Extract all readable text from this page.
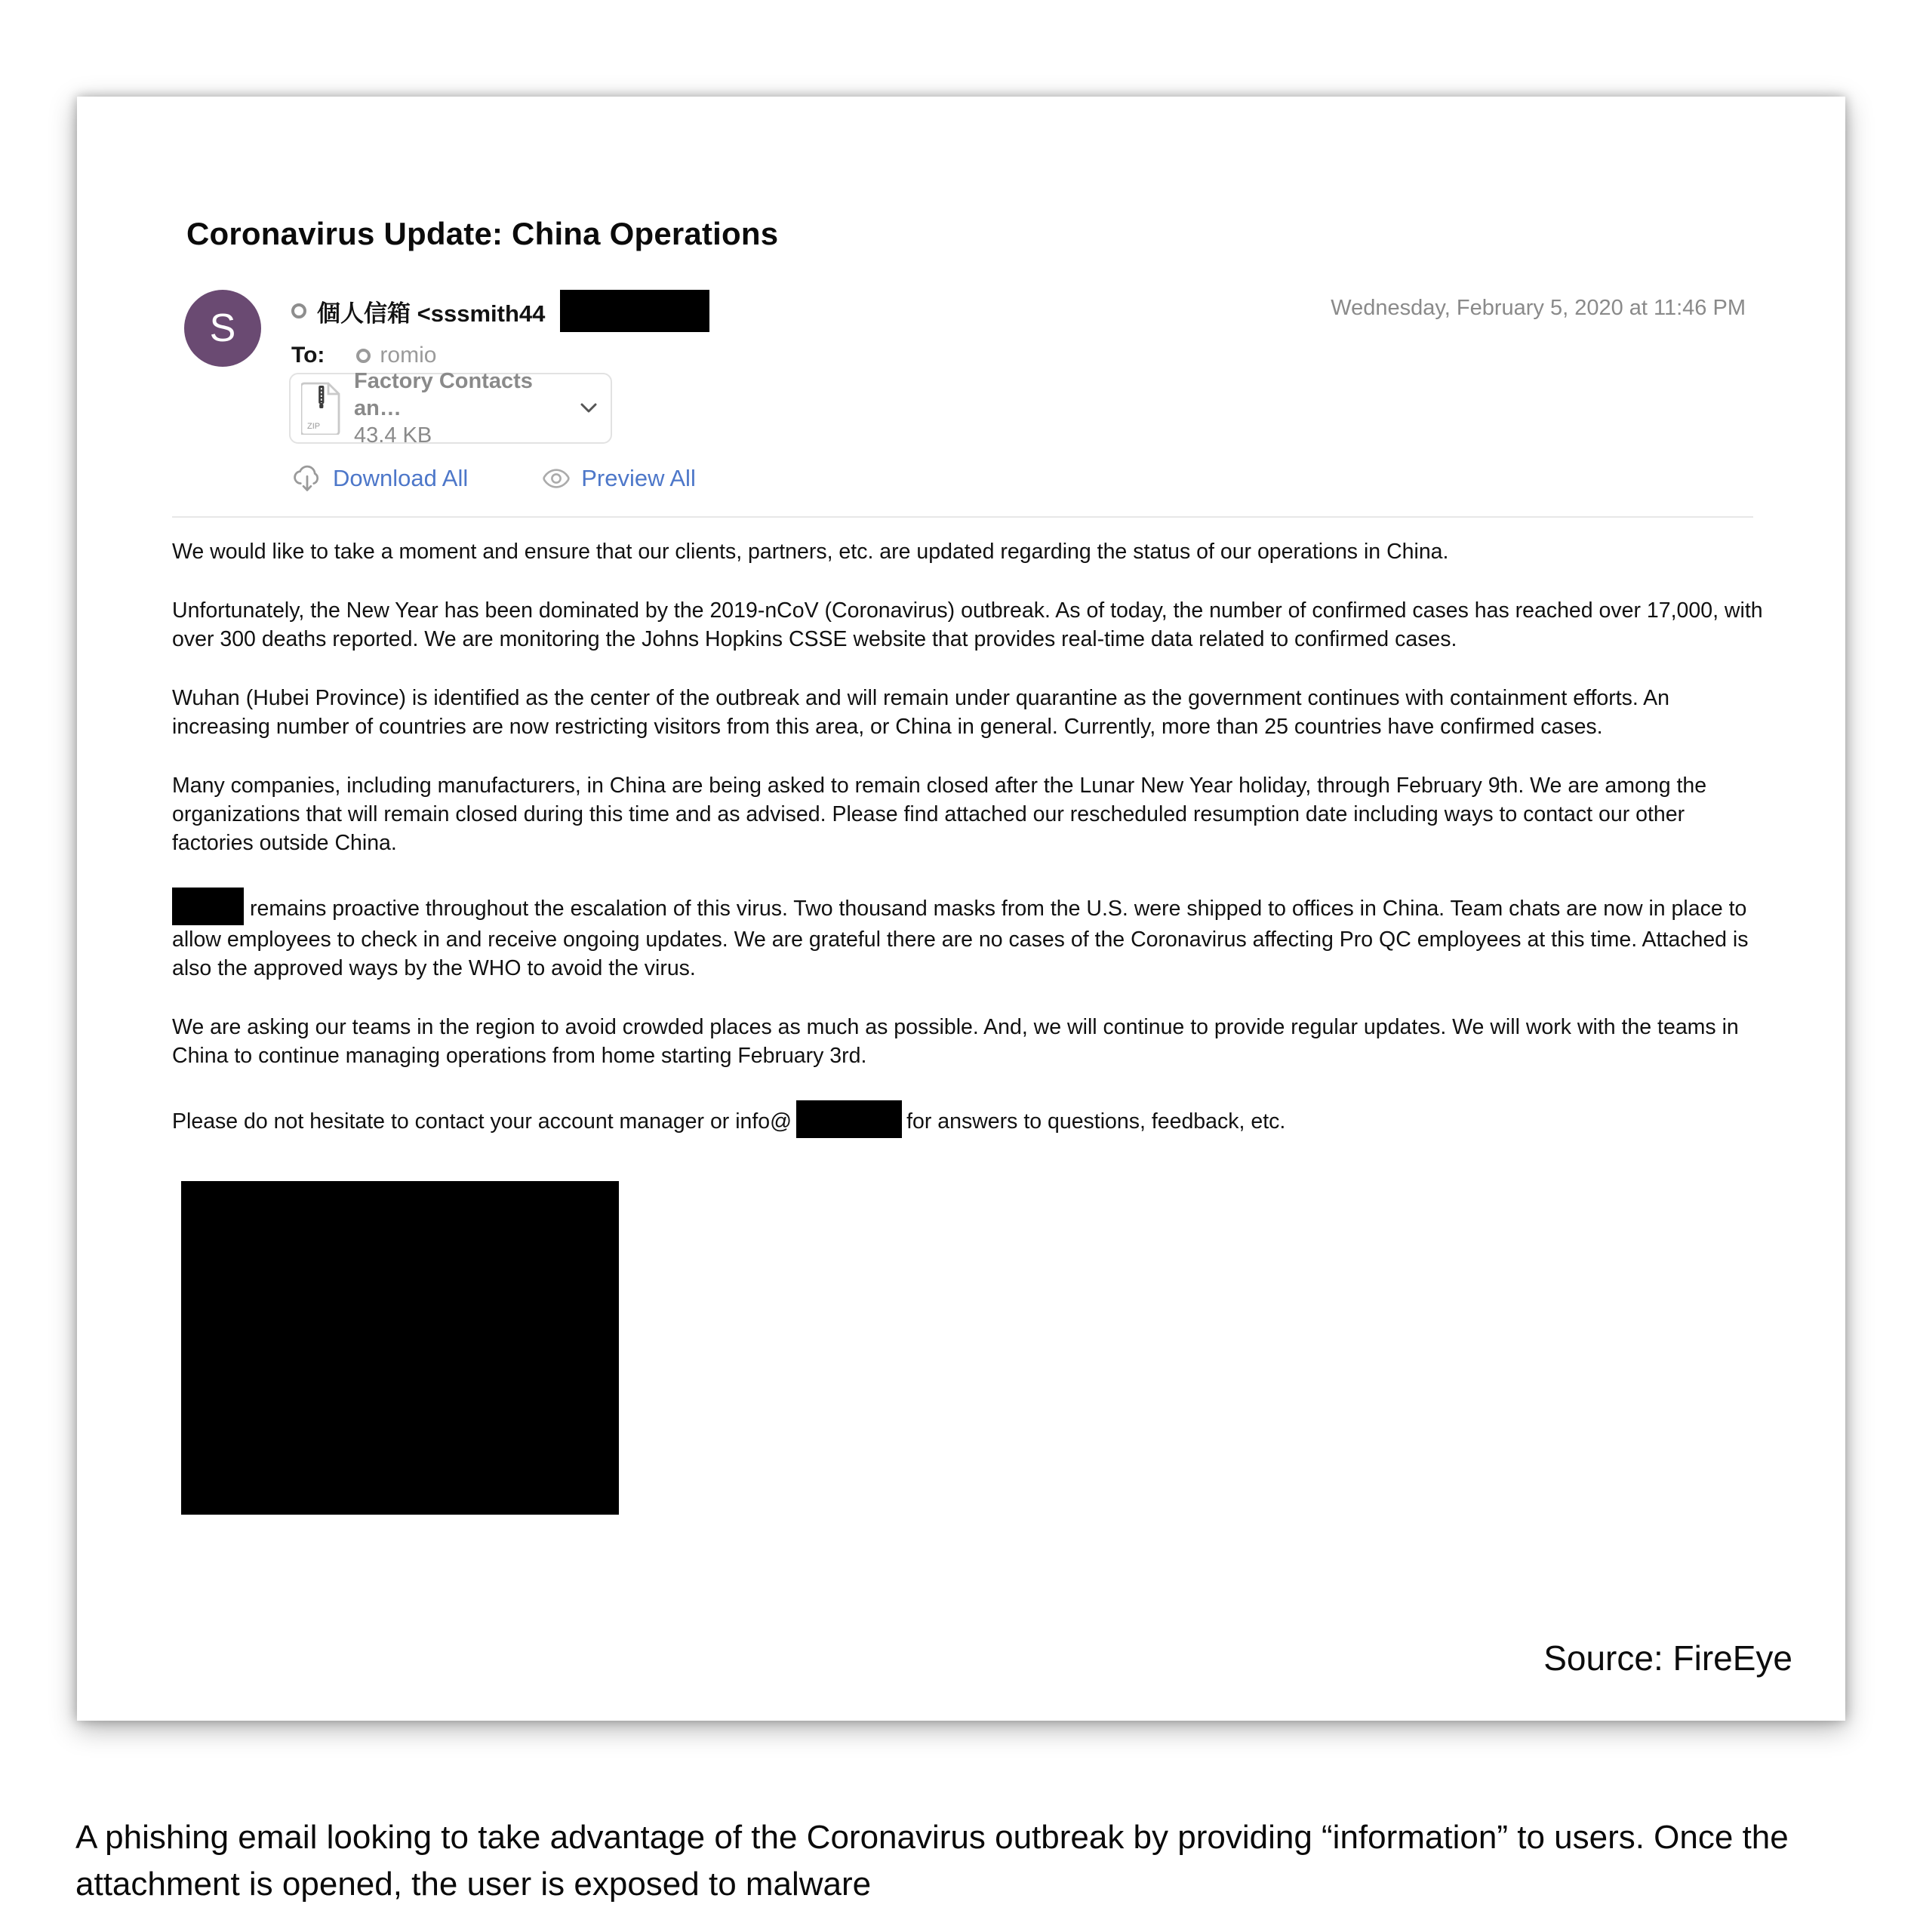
Coronavirus Update: China Operations
S	個人信箱 <sssmith44	Wednesday, February 5, 2020 at 11:46 PM
To: romio
ZIP
Factory Contacts an…
43.4 KB
Download All	Preview All

We would like to take a moment and ensure that our clients, partners, etc. are updated regarding the status of our operations in China.

Unfortunately, the New Year has been dominated by the 2019-nCoV (Coronavirus) outbreak. As of today, the number of confirmed cases has reached over 17,000, with over 300 deaths reported. We are monitoring the Johns Hopkins CSSE website that provides real-time data related to confirmed cases.

Wuhan (Hubei Province) is identified as the center of the outbreak and will remain under quarantine as the government continues with containment efforts. An increasing number of countries are now restricting visitors from this area, or China in general. Currently, more than 25 countries have confirmed cases.

Many companies, including manufacturers, in China are being asked to remain closed after the Lunar New Year holiday, through February 9th. We are among the organizations that will remain closed during this time and as advised. Please find attached our rescheduled resumption date including ways to contact our other factories outside China.

remains proactive throughout the escalation of this virus. Two thousand masks from the U.S. were shipped to offices in China. Team chats are now in place to allow employees to check in and receive ongoing updates. We are grateful there are no cases of the Coronavirus affecting Pro QC employees at this time. Attached is also the approved ways by the WHO to avoid the virus.

We are asking our teams in the region to avoid crowded places as much as possible. And, we will continue to provide regular updates. We will work with the teams in China to continue managing operations from home starting February 3rd.

Please do not hesitate to contact your account manager or info@	for answers to questions, feedback, etc.

Source: FireEye
A phishing email looking to take advantage of the Coronavirus outbreak by providing “information” to users. Once the attachment is opened, the user is exposed to malware
